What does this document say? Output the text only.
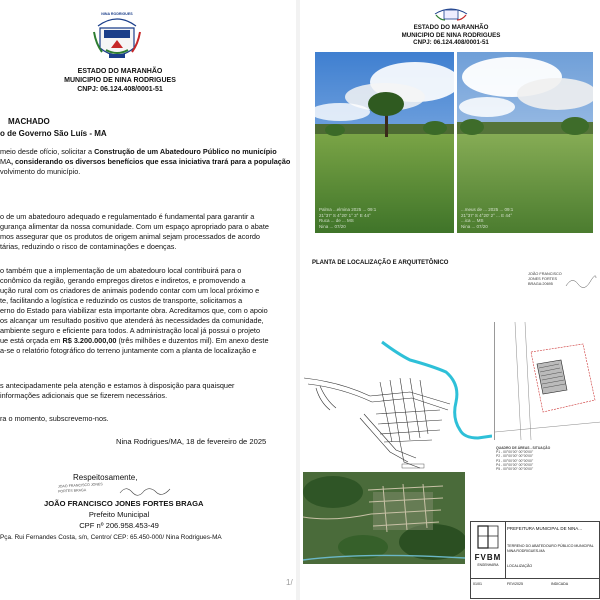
NINA RODRIGUES
ESTADO DO MARANHÃO
MUNICIPIO DE NINA RODRIGUES
CNPJ: 06.124.408/0001-51
MACHADO
o de Governo São Luís - MA
meio desde ofício, solicitar a Construção de um Abatedouro Público no município
MA, considerando os diversos benefícios que essa iniciativa trará para a população
volvimento do município.
o de um abatedouro adequado e regulamentado é fundamental para garantir a
gurança alimentar da nossa comunidade. Com um espaço apropriado para o abate
mos assegurar que os produtos de origem animal sejam processados de acordo
tárias, reduzindo o risco de contaminações e doenças.
o também que a implementação de um abatedouro local contribuirá para o
conômico da região, gerando empregos diretos e indiretos, e promovendo a
ução rural com os criadores de animais podendo contar com um local próximo e
te, facilitando a logística e reduzindo os custos de transporte, solicitamos a
erno do Estado para viabilizar esta importante obra. Acreditamos que, com o apoio
os alcançar um resultado positivo que atenderá às necessidades da comunidade,
ambiente seguro e eficiente para todos. A administração local já possui o projeto
ue está orçada em R$ 3.200.000,00 (três milhões e duzentos mil). Em anexo deste
a-se o relatório fotográfico do terreno juntamente com a planta de localização e
s antecipadamente pela atenção e estamos à disposição para quaisquer
informações adicionais que se fizerem necessários.
ra o momento, subscrevemo-nos.
Nina Rodrigues/MA, 18 de fevereiro de 2025
Respeitosamente,
JOAO FRANCISCO JONES FORTES BRAGA
JOÃO FRANCISCO JONES FORTES BRAGA
Prefeito Municipal
CPF nº 206.958.453-49
Pça. Rui Fernandes Costa, s/n, Centro/ CEP: 65.450-000/ Nina Rodrigues-MA
1/
ESTADO DO MARANHÃO
MUNICIPIO DE NINA RODRIGUES
CNPJ: 06.124.408/0001-51
Palma ...elmina 2025 ... 09:1
21°37' S 4°20' 1° 3° E 44°
Ruca ... de ... MS
Nina ... 07/20
...meus de ... 2025 ... 09:1
21°37' S 4°20' 2° ... E 44°
...ica ... MS
Nina ... 07/20
PLANTA DE LOCALIZAÇÃO E ARQUITETÔNICO
JOÃO FRANCISCO
JONES FORTES
BRAGA:20695
QUADRO DE ÁREAS - SITUAÇÃO
P1 - 00°00'00" 00°00'00"
P2 - 00°00'00" 00°00'00"
P3 - 00°00'00" 00°00'00"
P4 - 00°00'00" 00°00'00"
P5 - 00°00'00" 00°00'00"
FVBM
ENGENHARIA
PREFEITURA MUNICIPAL DE NINA...
TERRENO DO ABATEDOURO PÚBLICO MUNICIPAL
NINA RODRIGUES-MA
LOCALIZAÇÃO
01/01	FEV/2025	INDICADA
